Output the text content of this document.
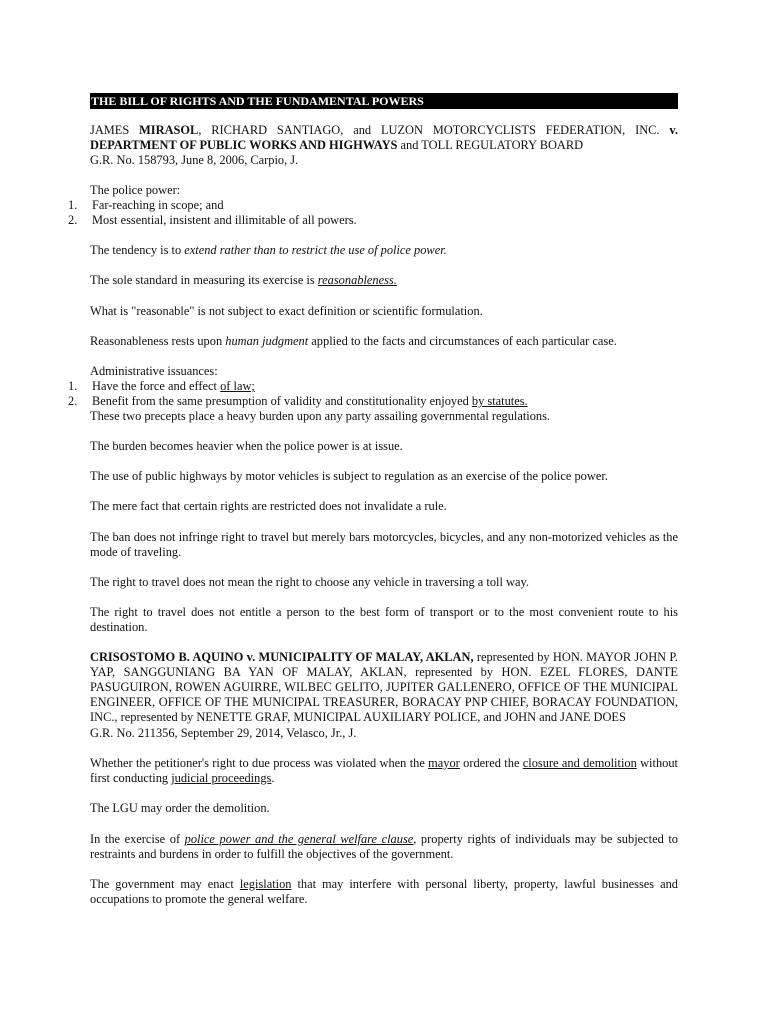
THE BILL OF RIGHTS AND THE FUNDAMENTAL POWERS

JAMES MIRASOL, RICHARD SANTIAGO, and LUZON MOTORCYCLISTS FEDERATION, INC. v. DEPARTMENT OF PUBLIC WORKS AND HIGHWAYS and TOLL REGULATORY BOARD

G.R. No. 158793, June 8, 2006, Carpio, J.

The police power:

1.	Far-reaching in scope; and
2.	Most essential, insistent and illimitable of all powers.

The tendency is to extend rather than to restrict the use of police power.

The sole standard in measuring its exercise is reasonableness.

What is "reasonable" is not subject to exact definition or scientific formulation.

Reasonableness rests upon human judgment applied to the facts and circumstances of each particular case.

Administrative issuances:

1.	Have the force and effect of law;
2.	Benefit from the same presumption of validity and constitutionality enjoyed by statutes.

These two precepts place a heavy burden upon any party assailing governmental regulations.

The burden becomes heavier when the police power is at issue.

The use of public highways by motor vehicles is subject to regulation as an exercise of the police power.

The mere fact that certain rights are restricted does not invalidate a rule.

The ban does not infringe right to travel but merely bars motorcycles, bicycles, and any non-motorized vehicles as the mode of traveling.

The right to travel does not mean the right to choose any vehicle in traversing a toll way.

The right to travel does not entitle a person to the best form of transport or to the most convenient route to his destination.

CRISOSTOMO B. AQUINO v. MUNICIPALITY OF MALAY, AKLAN, represented by HON. MAYOR JOHN P. YAP, SANGGUNIANG BA YAN OF MALAY, AKLAN, represented by HON. EZEL FLORES, DANTE PASUGUIRON, ROWEN AGUIRRE, WILBEC GELITO, JUPITER GALLENERO, OFFICE OF THE MUNICIPAL ENGINEER, OFFICE OF THE MUNICIPAL TREASURER, BORACAY PNP CHIEF, BORACAY FOUNDATION, INC., represented by NENETTE GRAF, MUNICIPAL AUXILIARY POLICE, and JOHN and JANE DOES

G.R. No. 211356, September 29, 2014, Velasco, Jr., J.

Whether the petitioner's right to due process was violated when the mayor ordered the closure and demolition without first conducting judicial proceedings.

The LGU may order the demolition.

In the exercise of police power and the general welfare clause, property rights of individuals may be subjected to restraints and burdens in order to fulfill the objectives of the government.

The government may enact legislation that may interfere with personal liberty, property, lawful businesses and occupations to promote the general welfare.
